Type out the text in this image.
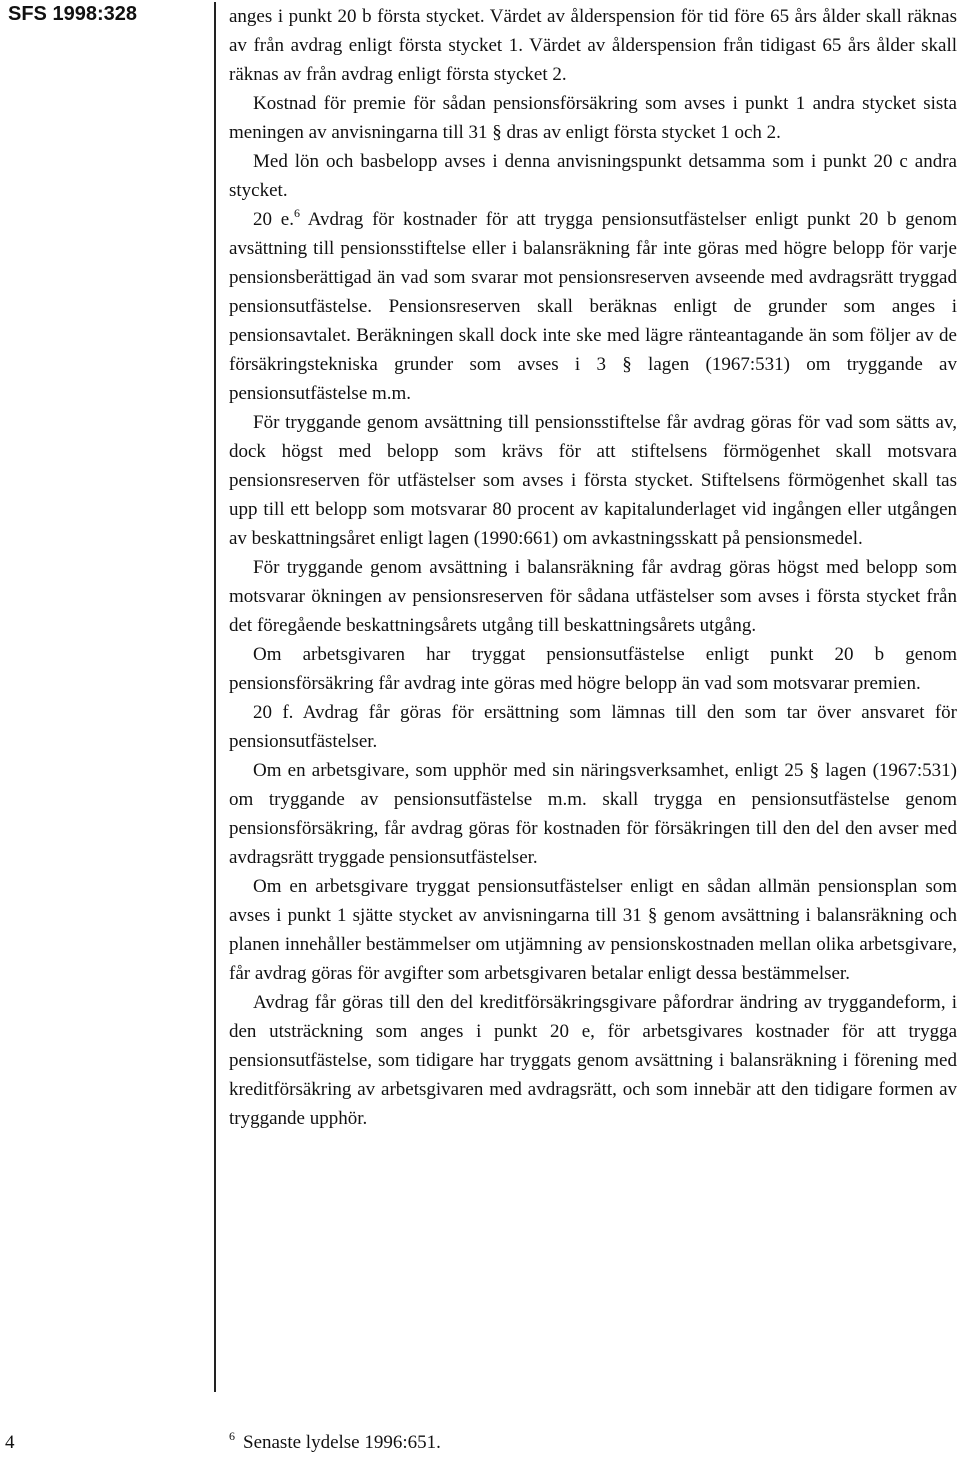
SFS 1998:328	anges i punkt 20 b första stycket. Värdet av ålderspension för tid före 65 års ålder skall räknas av från avdrag enligt första stycket 1. Värdet av ålderspension från tidigast 65 års ålder skall räknas av från avdrag enligt första stycket 2.

Kostnad för premie för sådan pensionsförsäkring som avses i punkt 1 andra stycket sista meningen av anvisningarna till 31 § dras av enligt första stycket 1 och 2.

Med lön och basbelopp avses i denna anvisningspunkt detsamma som i punkt 20 c andra stycket.

20 e.$^6$ Avdrag för kostnader för att trygga pensionsutfästelser enligt punkt 20 b genom avsättning till pensionsstiftelse eller i balansräkning får inte göras med högre belopp för varje pensionsberättigad än vad som svarar mot pensionsreserven avseende med avdragsrätt tryggad pensionsutfästelse. Pensionsreserven skall beräknas enligt de grunder som anges i pensionsavtalet. Beräkningen skall dock inte ske med lägre ränteantagande än som följer av de försäkringstekniska grunder som avses i 3 § lagen (1967:531) om tryggande av pensionsutfästelse m.m.

För tryggande genom avsättning till pensionsstiftelse får avdrag göras för vad som sätts av, dock högst med belopp som krävs för att stiftelsens förmögenhet skall motsvara pensionsreserven för utfästelser som avses i första stycket. Stiftelsens förmögenhet skall tas upp till ett belopp som motsvarar 80 procent av kapitalunderlaget vid ingången eller utgången av beskattningsåret enligt lagen (1990:661) om avkastningsskatt på pensionsmedel.

För tryggande genom avsättning i balansräkning får avdrag göras högst med belopp som motsvarar ökningen av pensionsreserven för sådana utfästelser som avses i första stycket från det föregående beskattningsårets utgång till beskattningsårets utgång.

Om arbetsgivaren har tryggat pensionsutfästelse enligt punkt 20 b genom pensionsförsäkring får avdrag inte göras med högre belopp än vad som motsvarar premien.

20 f. Avdrag får göras för ersättning som lämnas till den som tar över ansvaret för pensionsutfästelser.

Om en arbetsgivare, som upphör med sin näringsverksamhet, enligt 25 § lagen (1967:531) om tryggande av pensionsutfästelse m.m. skall trygga en pensionsutfästelse genom pensionsförsäkring, får avdrag göras för kostnaden för försäkringen till den del den avser med avdragsrätt tryggade pensionsutfästelser.

Om en arbetsgivare tryggat pensionsutfästelser enligt en sådan allmän pensionsplan som avses i punkt 1 sjätte stycket av anvisningarna till 31 § genom avsättning i balansräkning och planen innehåller bestämmelser om utjämning av pensionskostnaden mellan olika arbetsgivare, får avdrag göras för avgifter som arbetsgivaren betalar enligt dessa bestämmelser.

Avdrag får göras till den del kreditförsäkringsgivare påfordrar ändring av tryggandeform, i den utsträckning som anges i punkt 20 e, för arbetsgivares kostnader för att trygga pensionsutfästelse, som tidigare har tryggats genom avsättning i balansräkning i förening med kreditförsäkring av arbetsgivaren med avdragsrätt, och som innebär att den tidigare formen av tryggande upphör.

4	$^6$ Senaste lydelse 1996:651.
